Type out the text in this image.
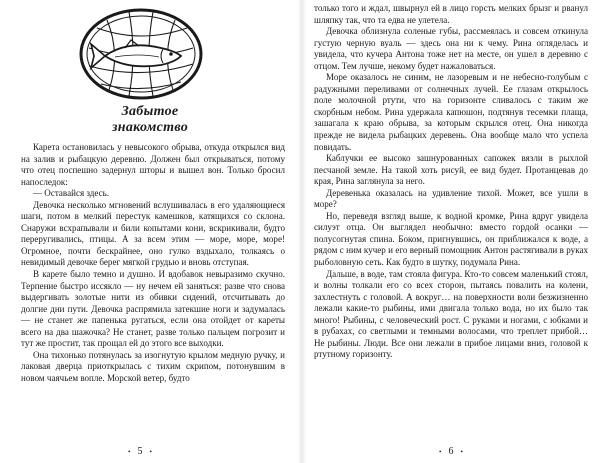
Забытое
знакомство

Карета остановилась у невысокого обрыва, откуда открылся вид на залив и рыбацкую деревню. Должен был открываться, потому что отец поспешно задернул шторы и вышел вон. Только бросил напоследок:

— Оставайся здесь.

Девочка несколько мгновений вслушивалась в его удаляющиеся шаги, потом в мелкий перестук камешков, катящихся со склона. Снаружи всхрапывали и били копытами кони, вскрикивали, будто переругивались, птицы. А за всем этим — море, море, море! Огромное, почти бескрайнее, оно гулко вздыхало, толкаясь о невидимый девочке берег мягкой грудью и вновь отступая.

В карете было темно и душно. И вдобавок невыразимо скучно. Терпение быстро иссякло — ну нечем ей заняться: разве что снова выдергивать золотые нити из обивки сидений, отсчитывать до долгие дни пути. Девочка распрямила затекшие ноги и задумалась — не станет же папенька ругаться, если она отойдет от кареты всего на два шажочка? Не станет, разве только пальцем погрозит и тут же простит, так прощал ей до этого все выходки.

Она тихонько потянулась за изогнутую крылом медную ручку, и лаковая дверца приоткрылась с тихим скрипом, потонувшим в новом чаячьем вопле. Морской ветер, будто

• 5 •

только того и ждал, швырнул ей в лицо горсть мелких брызг и рванул шляпку так, что та едва не улетела.

Девочка облизнула соленые губы, рассмеялась и совсем откинула густую черную вуаль — здесь она ни к чему. Рина огляделась и увидела, что кучера Антона тоже нет на месте, он ушел в деревню с отцом. Тем лучше, некому будет нажаловаться.

Море оказалось не синим, не лазоревым и не небесно-голубым с радужными переливами от солнечных лучей. Ее глазам открылось поле молочной ртути, что на горизонте сливалось с таким же скорбным небом. Рина удержала капюшон, подтянув тесемки плаща, зашагала к краю обрыва, за которым скрылся отец. Она никогда прежде не видела рыбацких деревень. Она вообще мало что успела повидать.

Каблучки ее высоко зашнурованных сапожек вязли в рыхлой песчаной земле. На такой хоть рисуй, ее вид будет. Протанцевав до края, Рина заглянула за него.

Деревенька оказалась на удивление тихой. Может, все ушли в море?

Но, переведя взгляд выше, к водной кромке, Рина вдруг увидела силуэт отца. Он выглядел необычно: вместо гордой осанки — полусогнутая спина. Боком, пригнувшись, он приближался к воде, а рядом с ним кучер и его верный помощник Антон растягивали в руках рыболовную сеть. Как будто в шутку, подумала Рина.

Дальше, в воде, там стояла фигура. Кто-то совсем маленький стоял, и волны толкали его со всех сторон, пытаясь повалить на колени, захлестнуть с головой. А вокруг… на поверхности воли безжизненно лежали какие-то рыбины, ими двигала только вода, но их было так много! Рыбины, с человеческий рост. С руками и ногами, с юбками и в рубахах, со светлыми и темными волосами, что треплет прибой… Не рыбины. Люди. Все они лежали в прибое лицами вниз, головой к ртутному горизонту.

• 6 •
